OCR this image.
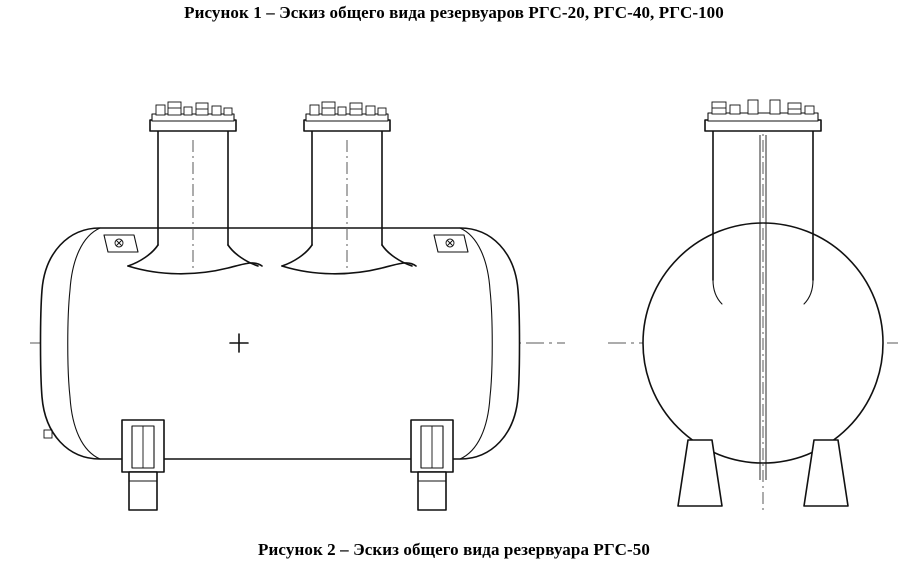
Рисунок 1 – Эскиз общего вида резервуаров РГС-20, РГС-40, РГС-100
Рисунок 2 – Эскиз общего вида резервуара РГС-50
